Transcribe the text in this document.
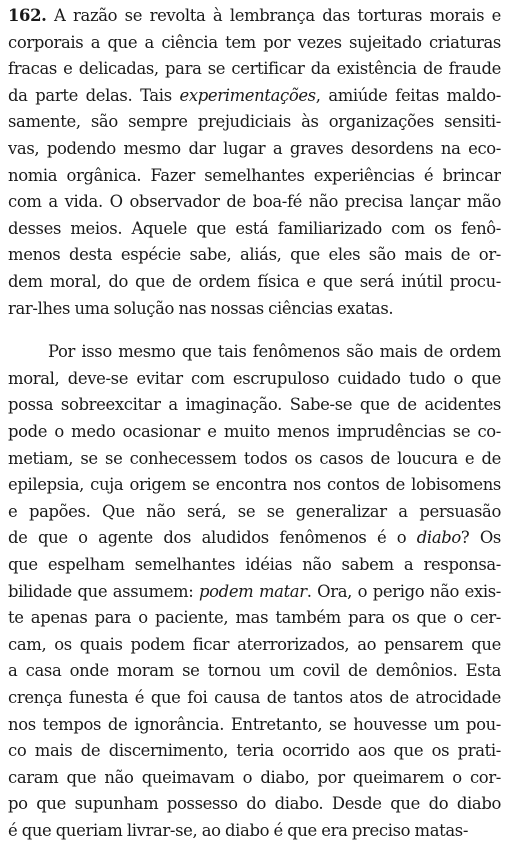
162. A razão se revolta à lembrança das torturas morais e
corporais a que a ciência tem por vezes sujeitado criaturas
fracas e delicadas, para se certificar da existência de fraude
da parte delas. Tais experimentações, amiúde feitas maldo-
samente, são sempre prejudiciais às organizações sensiti-
vas, podendo mesmo dar lugar a graves desordens na eco-
nomia orgânica. Fazer semelhantes experiências é brincar
com a vida. O observador de boa-fé não precisa lançar mão
desses meios. Aquele que está familiarizado com os fenô-
menos desta espécie sabe, aliás, que eles são mais de or-
dem moral, do que de ordem física e que será inútil procu-
rar-lhes uma solução nas nossas ciências exatas.
Por isso mesmo que tais fenômenos são mais de ordem
moral, deve-se evitar com escrupuloso cuidado tudo o que
possa sobreexcitar a imaginação. Sabe-se que de acidentes
pode o medo ocasionar e muito menos imprudências se co-
metiam, se se conhecessem todos os casos de loucura e de
epilepsia, cuja origem se encontra nos contos de lobisomens
e papões. Que não será, se se generalizar a persuasão
de que o agente dos aludidos fenômenos é o diabo? Os
que espelham semelhantes idéias não sabem a responsa-
bilidade que assumem: podem matar. Ora, o perigo não exis-
te apenas para o paciente, mas também para os que o cer-
cam, os quais podem ficar aterrorizados, ao pensarem que
a casa onde moram se tornou um covil de demônios. Esta
crença funesta é que foi causa de tantos atos de atrocidade
nos tempos de ignorância. Entretanto, se houvesse um pou-
co mais de discernimento, teria ocorrido aos que os prati-
caram que não queimavam o diabo, por queimarem o cor-
po que supunham possesso do diabo. Desde que do diabo
é que queriam livrar-se, ao diabo é que era preciso matas-
